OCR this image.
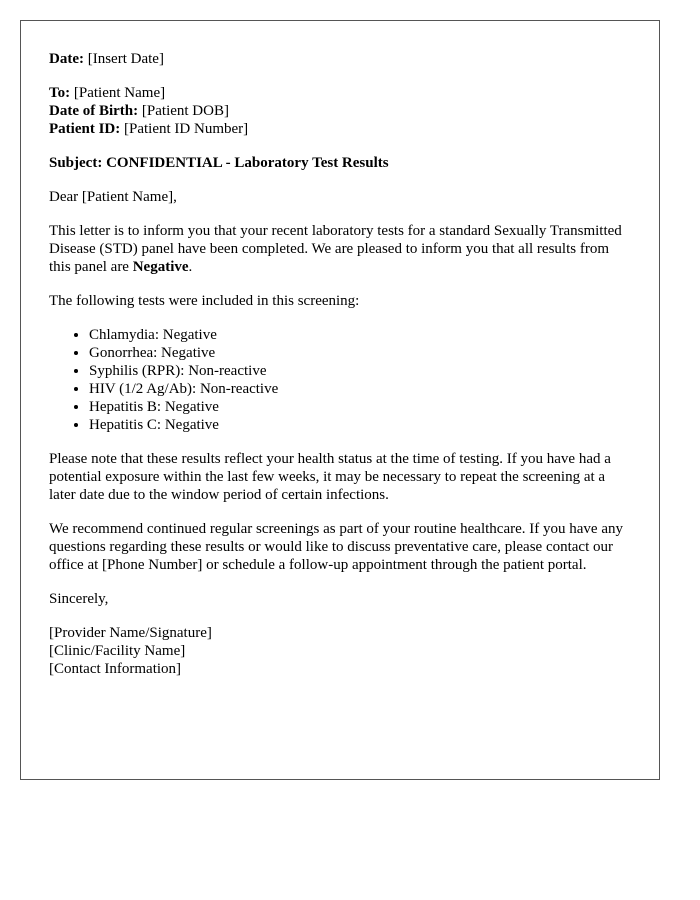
Date: [Insert Date]
To: [Patient Name]
Date of Birth: [Patient DOB]
Patient ID: [Patient ID Number]
Subject: CONFIDENTIAL - Laboratory Test Results
Dear [Patient Name],
This letter is to inform you that your recent laboratory tests for a standard Sexually Transmitted Disease (STD) panel have been completed. We are pleased to inform you that all results from this panel are Negative.
The following tests were included in this screening:
• Chlamydia: Negative
• Gonorrhea: Negative
• Syphilis (RPR): Non-reactive
• HIV (1/2 Ag/Ab): Non-reactive
• Hepatitis B: Negative
• Hepatitis C: Negative
Please note that these results reflect your health status at the time of testing. If you have had a potential exposure within the last few weeks, it may be necessary to repeat the screening at a later date due to the window period of certain infections.
We recommend continued regular screenings as part of your routine healthcare. If you have any questions regarding these results or would like to discuss preventative care, please contact our office at [Phone Number] or schedule a follow-up appointment through the patient portal.
Sincerely,
[Provider Name/Signature]
[Clinic/Facility Name]
[Contact Information]
